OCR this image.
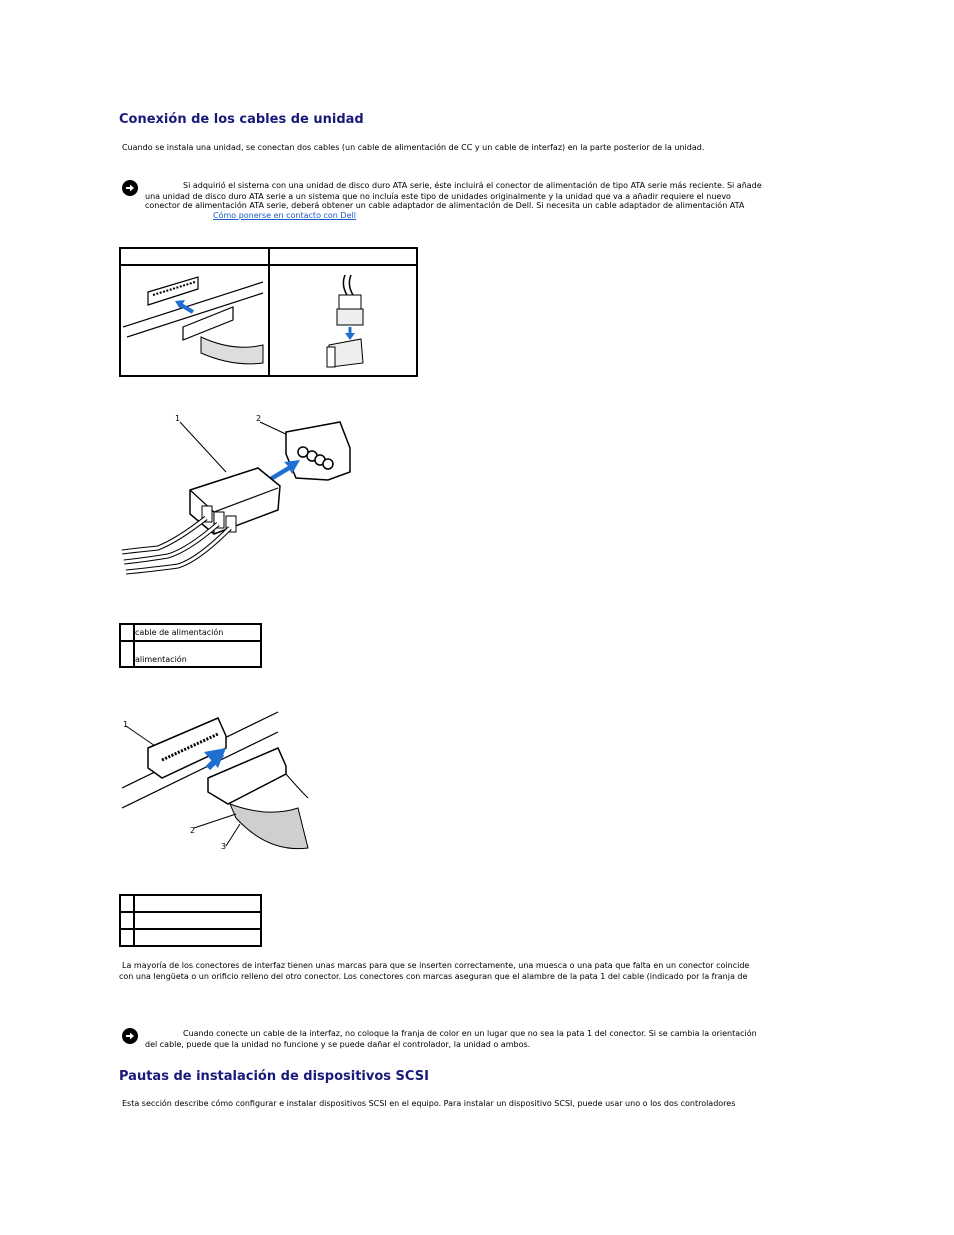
Conexión de los cables de unidad
Cuando se instala una unidad, se conectan dos cables (un cable de alimentación de CC y un cable de interfaz) en la parte posterior de la unidad.
Si adquirió el sistema con una unidad de disco duro ATA serie, éste incluirá el conector de alimentación de tipo ATA serie más reciente. Si añade
una unidad de disco duro ATA serie a un sistema que no incluía este tipo de unidades originalmente y la unidad que va a añadir requiere el nuevo
conector de alimentación ATA serie, deberá obtener un cable adaptador de alimentación de Dell. Si necesita un cable adaptador de alimentación ATA
Cómo ponerse en contacto con Dell
1	2
	cable de alimentación
	alimentación
1
2
3

La mayoría de los conectores de interfaz tienen unas marcas para que se inserten correctamente, una muesca o una pata que falta en un conector coincide
con una lengüeta o un orificio relleno del otro conector. Los conectores con marcas aseguran que el alambre de la pata 1 del cable (indicado por la franja de
Cuando conecte un cable de la interfaz, no coloque la franja de color en un lugar que no sea la pata 1 del conector. Si se cambia la orientación
del cable, puede que la unidad no funcione y se puede dañar el controlador, la unidad o ambos.
Pautas de instalación de dispositivos SCSI
Esta sección describe cómo configurar e instalar dispositivos SCSI en el equipo. Para instalar un dispositivo SCSI, puede usar uno o los dos controladores
